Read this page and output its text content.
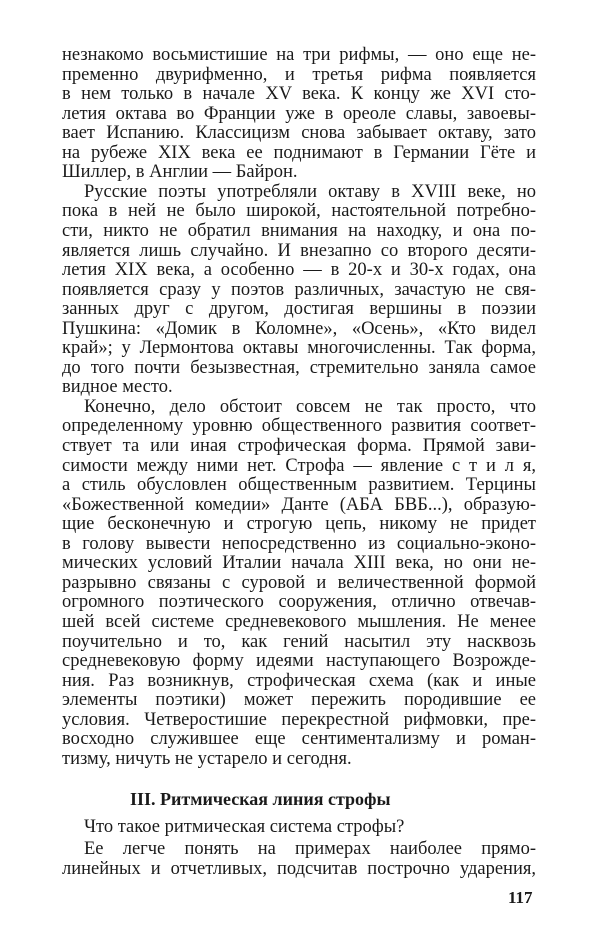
незнакомо восьмистишие на три рифмы, — оно еще не-
пременно двурифменно, и третья рифма появляется
в нем только в начале XV века. К концу же XVI сто-
летия октава во Франции уже в ореоле славы, завоевы-
вает Испанию. Классицизм снова забывает октаву, зато
на рубеже XIX века ее поднимают в Германии Гёте и
Шиллер, в Англии — Байрон.
Русские поэты употребляли октаву в XVIII веке, но
пока в ней не было широкой, настоятельной потребно-
сти, никто не обратил внимания на находку, и она по-
является лишь случайно. И внезапно со второго десяти-
летия XIX века, а особенно — в 20-х и 30-х годах, она
появляется сразу у поэтов различных, зачастую не свя-
занных друг с другом, достигая вершины в поэзии
Пушкина: «Домик в Коломне», «Осень», «Кто видел
край»; у Лермонтова октавы многочисленны. Так форма,
до того почти безызвестная, стремительно заняла самое
видное место.
Конечно, дело обстоит совсем не так просто, что
определенному уровню общественного развития соответ-
ствует та или иная строфическая форма. Прямой зави-
симости между ними нет. Строфа — явление с т и л я,
а стиль обусловлен общественным развитием. Терцины
«Божественной комедии» Данте (АБА БВБ...), образую-
щие бесконечную и строгую цепь, никому не придет
в голову вывести непосредственно из социально-эконо-
мических условий Италии начала XIII века, но они не-
разрывно связаны с суровой и величественной формой
огромного поэтического сооружения, отлично отвечав-
шей всей системе средневекового мышления. Не менее
поучительно и то, как гений насытил эту насквозь
средневековую форму идеями наступающего Возрожде-
ния. Раз возникнув, строфическая схема (как и иные
элементы поэтики) может пережить породившие ее
условия. Четверостишие перекрестной рифмовки, пре-
восходно служившее еще сентиментализму и роман-
тизму, ничуть не устарело и сегодня.
117
III. Ритмическая линия строфы
Что такое ритмическая система строфы?
Ее легче понять на примерах наиболее прямо-
линейных и отчетливых, подсчитав построчно ударения,
